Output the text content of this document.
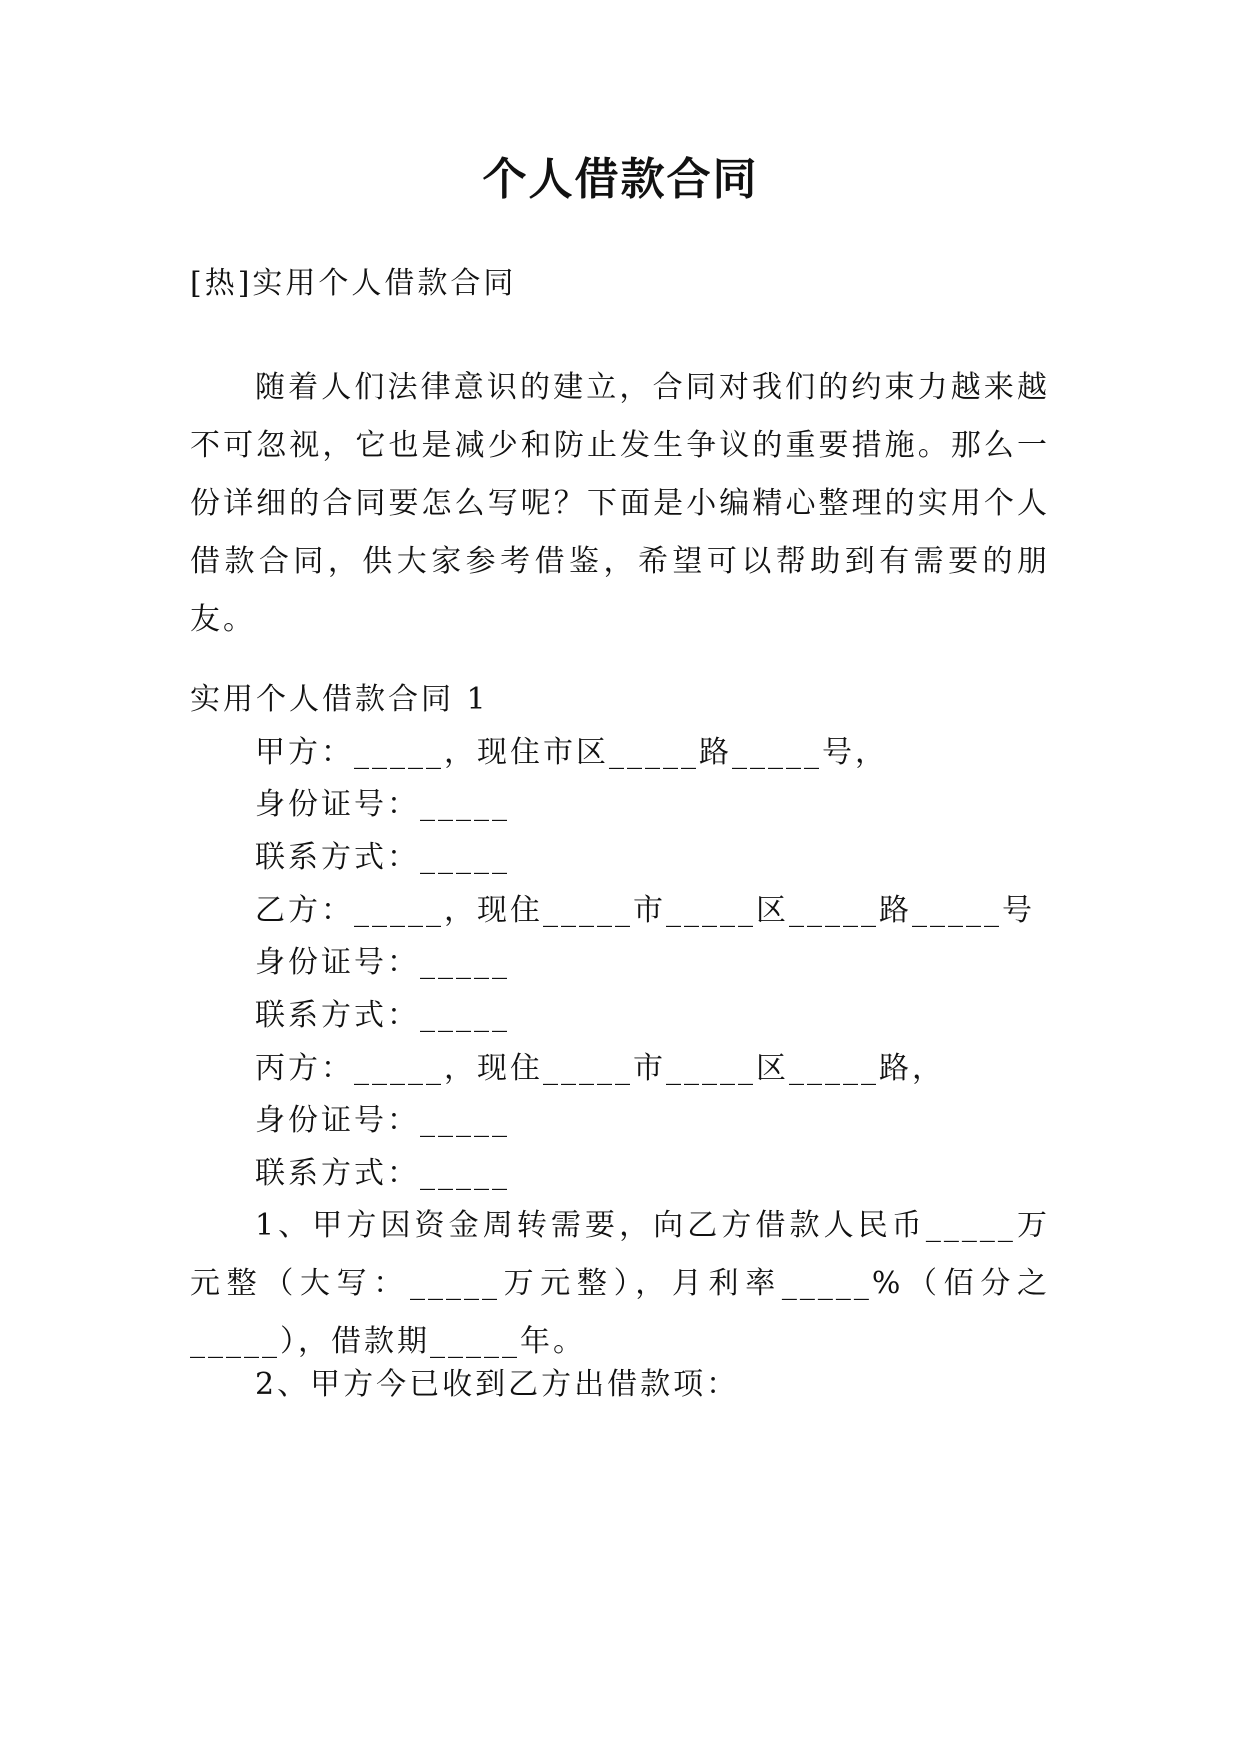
个人借款合同
[热]实用个人借款合同
随着人们法律意识的建立，合同对我们的约束力越来越不可忽视，它也是减少和防止发生争议的重要措施。那么一份详细的合同要怎么写呢？下面是小编精心整理的实用个人借款合同，供大家参考借鉴，希望可以帮助到有需要的朋友。
实用个人借款合同 1
甲方：_____，现住市区_____路_____号，
身份证号：_____
联系方式：_____
乙方：_____，现住_____市_____区_____路_____号
身份证号：_____
联系方式：_____
丙方：_____，现住_____市_____区_____路，
身份证号：_____
联系方式：_____
1、甲方因资金周转需要，向乙方借款人民币_____万元整（大写：_____万元整），月利率_____%（佰分之_____），借款期_____年。
2、甲方今已收到乙方出借款项：
